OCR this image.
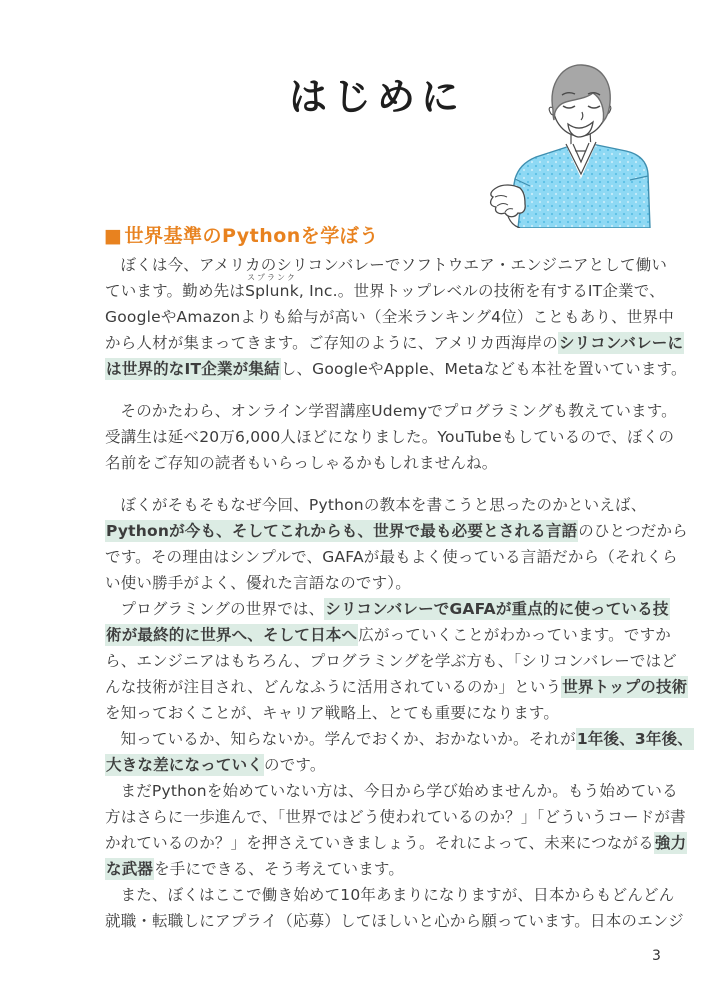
はじめに
■ 世界基準のPythonを学ぼう
ぼくは今、アメリカのシリコンバレーでソフトウエア・エンジニアとして働い
ています。勤め先は
スプランク
Splunk, Inc.。世界トップレベルの技術を有するIT企業で、
GoogleやAmazonよりも給与が高い（全米ランキング4位）こともあり、世界中
から人材が集まってきます。ご存知のように、アメリカ西海岸のシリコンバレーに
は世界的なIT企業が集結し、GoogleやApple、Metaなども本社を置いています。
そのかたわら、オンライン学習講座Udemyでプログラミングも教えています。
受講生は延べ20万6,000人ほどになりました。YouTubeもしているので、ぼくの
名前をご存知の読者もいらっしゃるかもしれませんね。
ぼくがそもそもなぜ今回、Pythonの教本を書こうと思ったのかといえば、
Pythonが今も、そしてこれからも、世界で最も必要とされる言語のひとつだから
です。その理由はシンプルで、GAFAが最もよく使っている言語だから（それくら
い使い勝手がよく、優れた言語なのです）。
プログラミングの世界では、シリコンバレーでGAFAが重点的に使っている技
術が最終的に世界へ、そして日本へ広がっていくことがわかっています。ですか
ら、エンジニアはもちろん、プログラミングを学ぶ方も、「シリコンバレーではど
んな技術が注目され、どんなふうに活用されているのか」という世界トップの技術
を知っておくことが、キャリア戦略上、とても重要になります。
知っているか、知らないか。学んでおくか、おかないか。それが1年後、3年後、
大きな差になっていくのです。
まだPythonを始めていない方は、今日から学び始めませんか。もう始めている
方はさらに一歩進んで、「世界ではどう使われているのか？」「どういうコードが書
かれているのか？」を押さえていきましょう。それによって、未来につながる強力
な武器を手にできる、そう考えています。
また、ぼくはここで働き始めて10年あまりになりますが、日本からもどんどん
就職・転職しにアプライ（応募）してほしいと心から願っています。日本のエンジ
3
